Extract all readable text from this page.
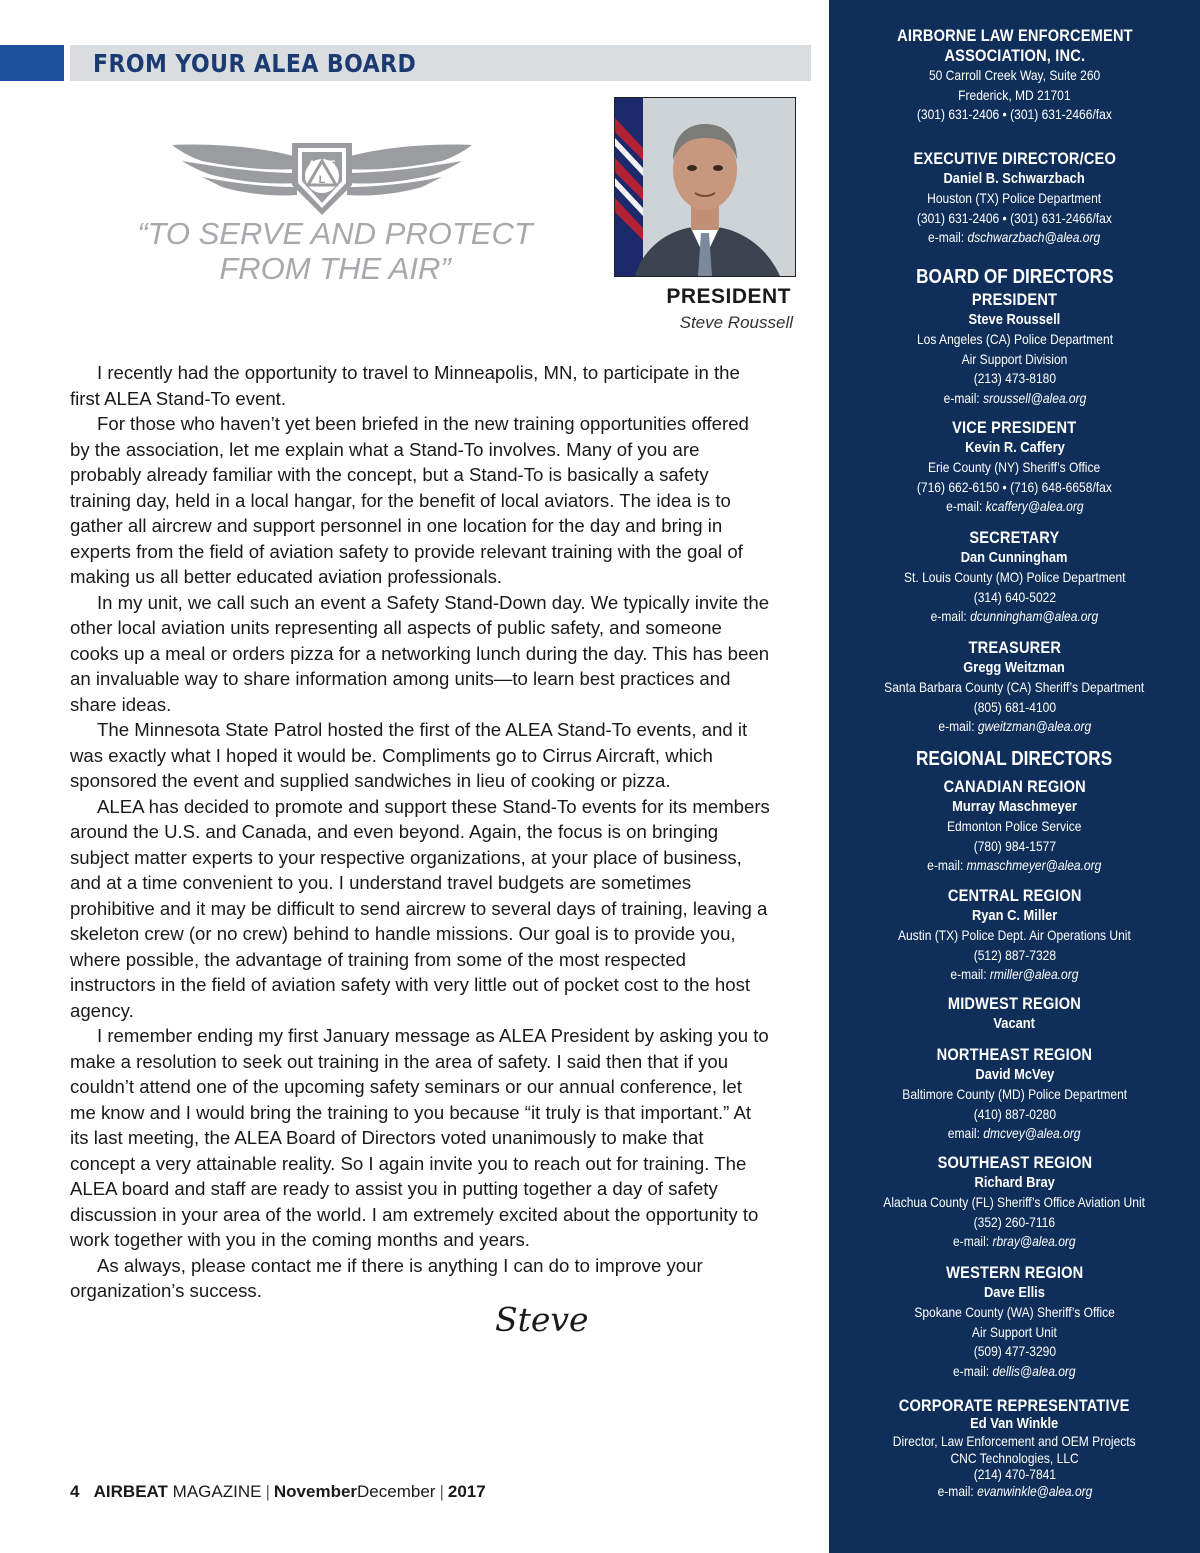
FROM YOUR ALEA BOARD
A E
L
“TO SERVE AND PROTECT
FROM THE AIR”
PRESIDENT
Steve Roussell

I recently had the opportunity to travel to Minneapolis, MN, to participate in the first ALEA Stand-To event.

For those who haven’t yet been briefed in the new training opportunities offered by the association, let me explain what a Stand-To involves. Many of you are probably already familiar with the concept, but a Stand-To is basically a safety training day, held in a local hangar, for the benefit of local aviators. The idea is to gather all aircrew and support personnel in one location for the day and bring in experts from the field of aviation safety to provide relevant training with the goal of making us all better educated aviation professionals.

In my unit, we call such an event a Safety Stand-Down day. We typically invite the other local aviation units representing all aspects of public safety, and someone cooks up a meal or orders pizza for a networking lunch during the day. This has been an invaluable way to share information among units—to learn best practices and share ideas.

The Minnesota State Patrol hosted the first of the ALEA Stand-To events, and it was exactly what I hoped it would be. Compliments go to Cirrus Aircraft, which sponsored the event and supplied sandwiches in lieu of cooking or pizza.

ALEA has decided to promote and support these Stand-To events for its members around the U.S. and Canada, and even beyond. Again, the focus is on bringing subject matter experts to your respective organizations, at your place of business, and at a time convenient to you. I understand travel budgets are sometimes prohibitive and it may be difficult to send aircrew to several days of training, leaving a skeleton crew (or no crew) behind to handle missions. Our goal is to provide you, where possible, the advantage of training from some of the most respected instructors in the field of aviation safety with very little out of pocket cost to the host agency.

I remember ending my first January message as ALEA President by asking you to make a resolution to seek out training in the area of safety. I said then that if you couldn’t attend one of the upcoming safety seminars or our annual conference, let me know and I would bring the training to you because “it truly is that important.” At its last meeting, the ALEA Board of Directors voted unanimously to make that concept a very attainable reality. So I again invite you to reach out for training. The ALEA board and staff are ready to assist you in putting together a day of safety discussion in your area of the world. I am extremely excited about the opportunity to work together with you in the coming months and years.

As always, please contact me if there is anything I can do to improve your organization’s success.

Steve
4 AIRBEAT MAGAZINE | NovemberDecember | 2017
AIRBORNE LAW ENFORCEMENT
ASSOCIATION, INC.
50 Carroll Creek Way, Suite 260
Frederick, MD 21701
(301) 631-2406 • (301) 631-2466/fax
EXECUTIVE DIRECTOR/CEO
Daniel B. Schwarzbach
Houston (TX) Police Department
(301) 631-2406 • (301) 631-2466/fax
e-mail: dschwarzbach@alea.org
BOARD OF DIRECTORS
PRESIDENT
Steve Roussell
Los Angeles (CA) Police Department
Air Support Division
(213) 473-8180
e-mail: sroussell@alea.org
VICE PRESIDENT
Kevin R. Caffery
Erie County (NY) Sheriff’s Office
(716) 662-6150 • (716) 648-6658/fax
e-mail: kcaffery@alea.org
SECRETARY
Dan Cunningham
St. Louis County (MO) Police Department
(314) 640-5022
e-mail: dcunningham@alea.org
TREASURER
Gregg Weitzman
Santa Barbara County (CA) Sheriff’s Department
(805) 681-4100
e-mail: gweitzman@alea.org
REGIONAL DIRECTORS
CANADIAN REGION
Murray Maschmeyer
Edmonton Police Service
(780) 984-1577
e-mail: mmaschmeyer@alea.org
CENTRAL REGION
Ryan C. Miller
Austin (TX) Police Dept. Air Operations Unit
(512) 887-7328
e-mail: rmiller@alea.org
MIDWEST REGION
Vacant
NORTHEAST REGION
David McVey
Baltimore County (MD) Police Department
(410) 887-0280
email: dmcvey@alea.org
SOUTHEAST REGION
Richard Bray
Alachua County (FL) Sheriff’s Office Aviation Unit
(352) 260-7116
e-mail: rbray@alea.org
WESTERN REGION
Dave Ellis
Spokane County (WA) Sheriff’s Office
Air Support Unit
(509) 477-3290
e-mail: dellis@alea.org
CORPORATE REPRESENTATIVE
Ed Van Winkle
Director, Law Enforcement and OEM Projects
CNC Technologies, LLC
(214) 470-7841
e-mail: evanwinkle@alea.org
